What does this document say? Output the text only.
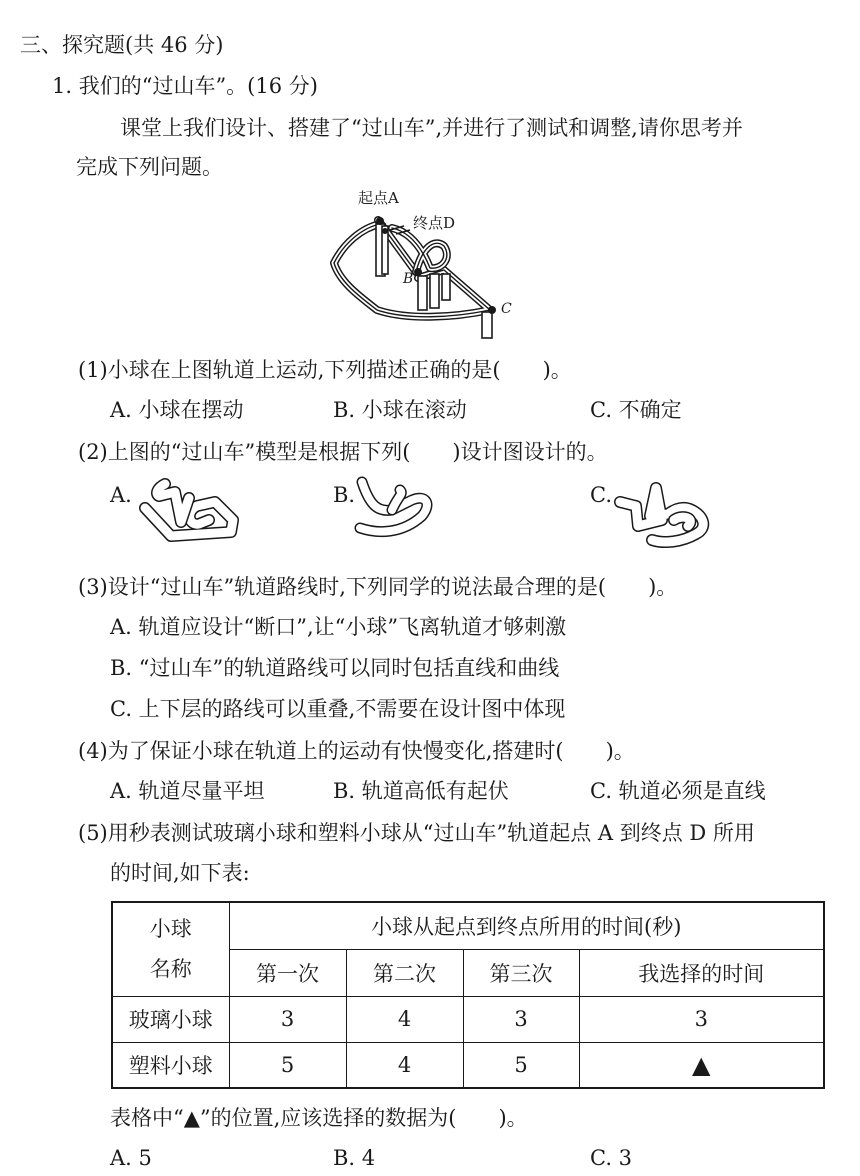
三、探究题(共 46 分)
1. 我们的“过山车”。(16 分)
课堂上我们设计、搭建了“过山车”,并进行了测试和调整,请你思考并
完成下列问题。
起点A
终点D
B
C
(1)小球在上图轨道上运动,下列描述正确的是(　　)。
A. 小球在摆动	B. 小球在滚动	C. 不确定
(2)上图的“过山车”模型是根据下列(　　)设计图设计的。
A.	B.	C.
(3)设计“过山车”轨道路线时,下列同学的说法最合理的是(　　)。
A. 轨道应设计“断口”,让“小球”飞离轨道才够刺激
B. “过山车”的轨道路线可以同时包括直线和曲线
C. 上下层的路线可以重叠,不需要在设计图中体现
(4)为了保证小球在轨道上的运动有快慢变化,搭建时(　　)。
A. 轨道尽量平坦	B. 轨道高低有起伏	C. 轨道必须是直线
(5)用秒表测试玻璃小球和塑料小球从“过山车”轨道起点 A 到终点 D 所用
的时间,如下表:
小球
名称	小球从起点到终点所用的时间(秒)			
	第一次	第二次	第三次	我选择的时间
玻璃小球	3	4	3	3
塑料小球	5	4	5	▲
表格中“▲”的位置,应该选择的数据为(　　)。
A. 5	B. 4	C. 3
